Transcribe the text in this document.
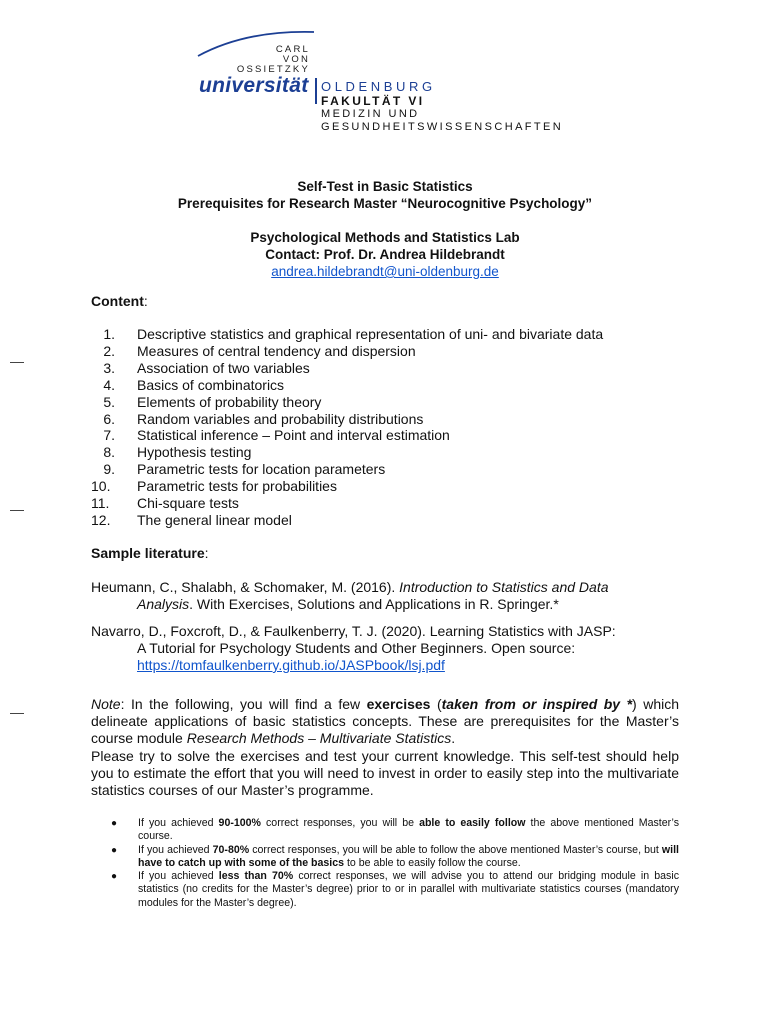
CARL
VON
OSSIETZKY
universität OLDENBURG
FAKULTÄT VI
MEDIZIN UND
GESUNDHEITSWISSENSCHAFTEN
Self-Test in Basic Statistics
Prerequisites for Research Master “Neurocognitive Psychology”
Psychological Methods and Statistics Lab
Contact: Prof. Dr. Andrea Hildebrandt
andrea.hildebrandt@uni-oldenburg.de
Content:
1. Descriptive statistics and graphical representation of uni- and bivariate data
2. Measures of central tendency and dispersion
3. Association of two variables
4. Basics of combinatorics
5. Elements of probability theory
6. Random variables and probability distributions
7. Statistical inference – Point and interval estimation
8. Hypothesis testing
9. Parametric tests for location parameters
10.	Parametric tests for probabilities
11.	Chi-square tests
12.	The general linear model
Sample literature:
Heumann, C., Shalabh, & Schomaker, M. (2016). Introduction to Statistics and Data
Analysis. With Exercises, Solutions and Applications in R. Springer.*
Navarro, D., Foxcroft, D., & Faulkenberry, T. J. (2020). Learning Statistics with JASP:
A Tutorial for Psychology Students and Other Beginners. Open source:
https://tomfaulkenberry.github.io/JASPbook/lsj.pdf
Note: In the following, you will find a few exercises (taken from or inspired by *) which delineate applications of basic statistics concepts. These are prerequisites for the Master’s course module Research Methods – Multivariate Statistics.
Please try to solve the exercises and test your current knowledge. This self-test should help you to estimate the effort that you will need to invest in order to easily step into the multivariate statistics courses of our Master’s programme.
●	If you achieved 90-100% correct responses, you will be able to easily follow the above mentioned Master’s course.
●	If you achieved 70-80% correct responses, you will be able to follow the above mentioned Master’s course, but will have to catch up with some of the basics to be able to easily follow the course.
●	If you achieved less than 70% correct responses, we will advise you to attend our bridging module in basic statistics (no credits for the Master’s degree) prior to or in parallel with multivariate statistics courses (mandatory modules for the Master’s degree).
